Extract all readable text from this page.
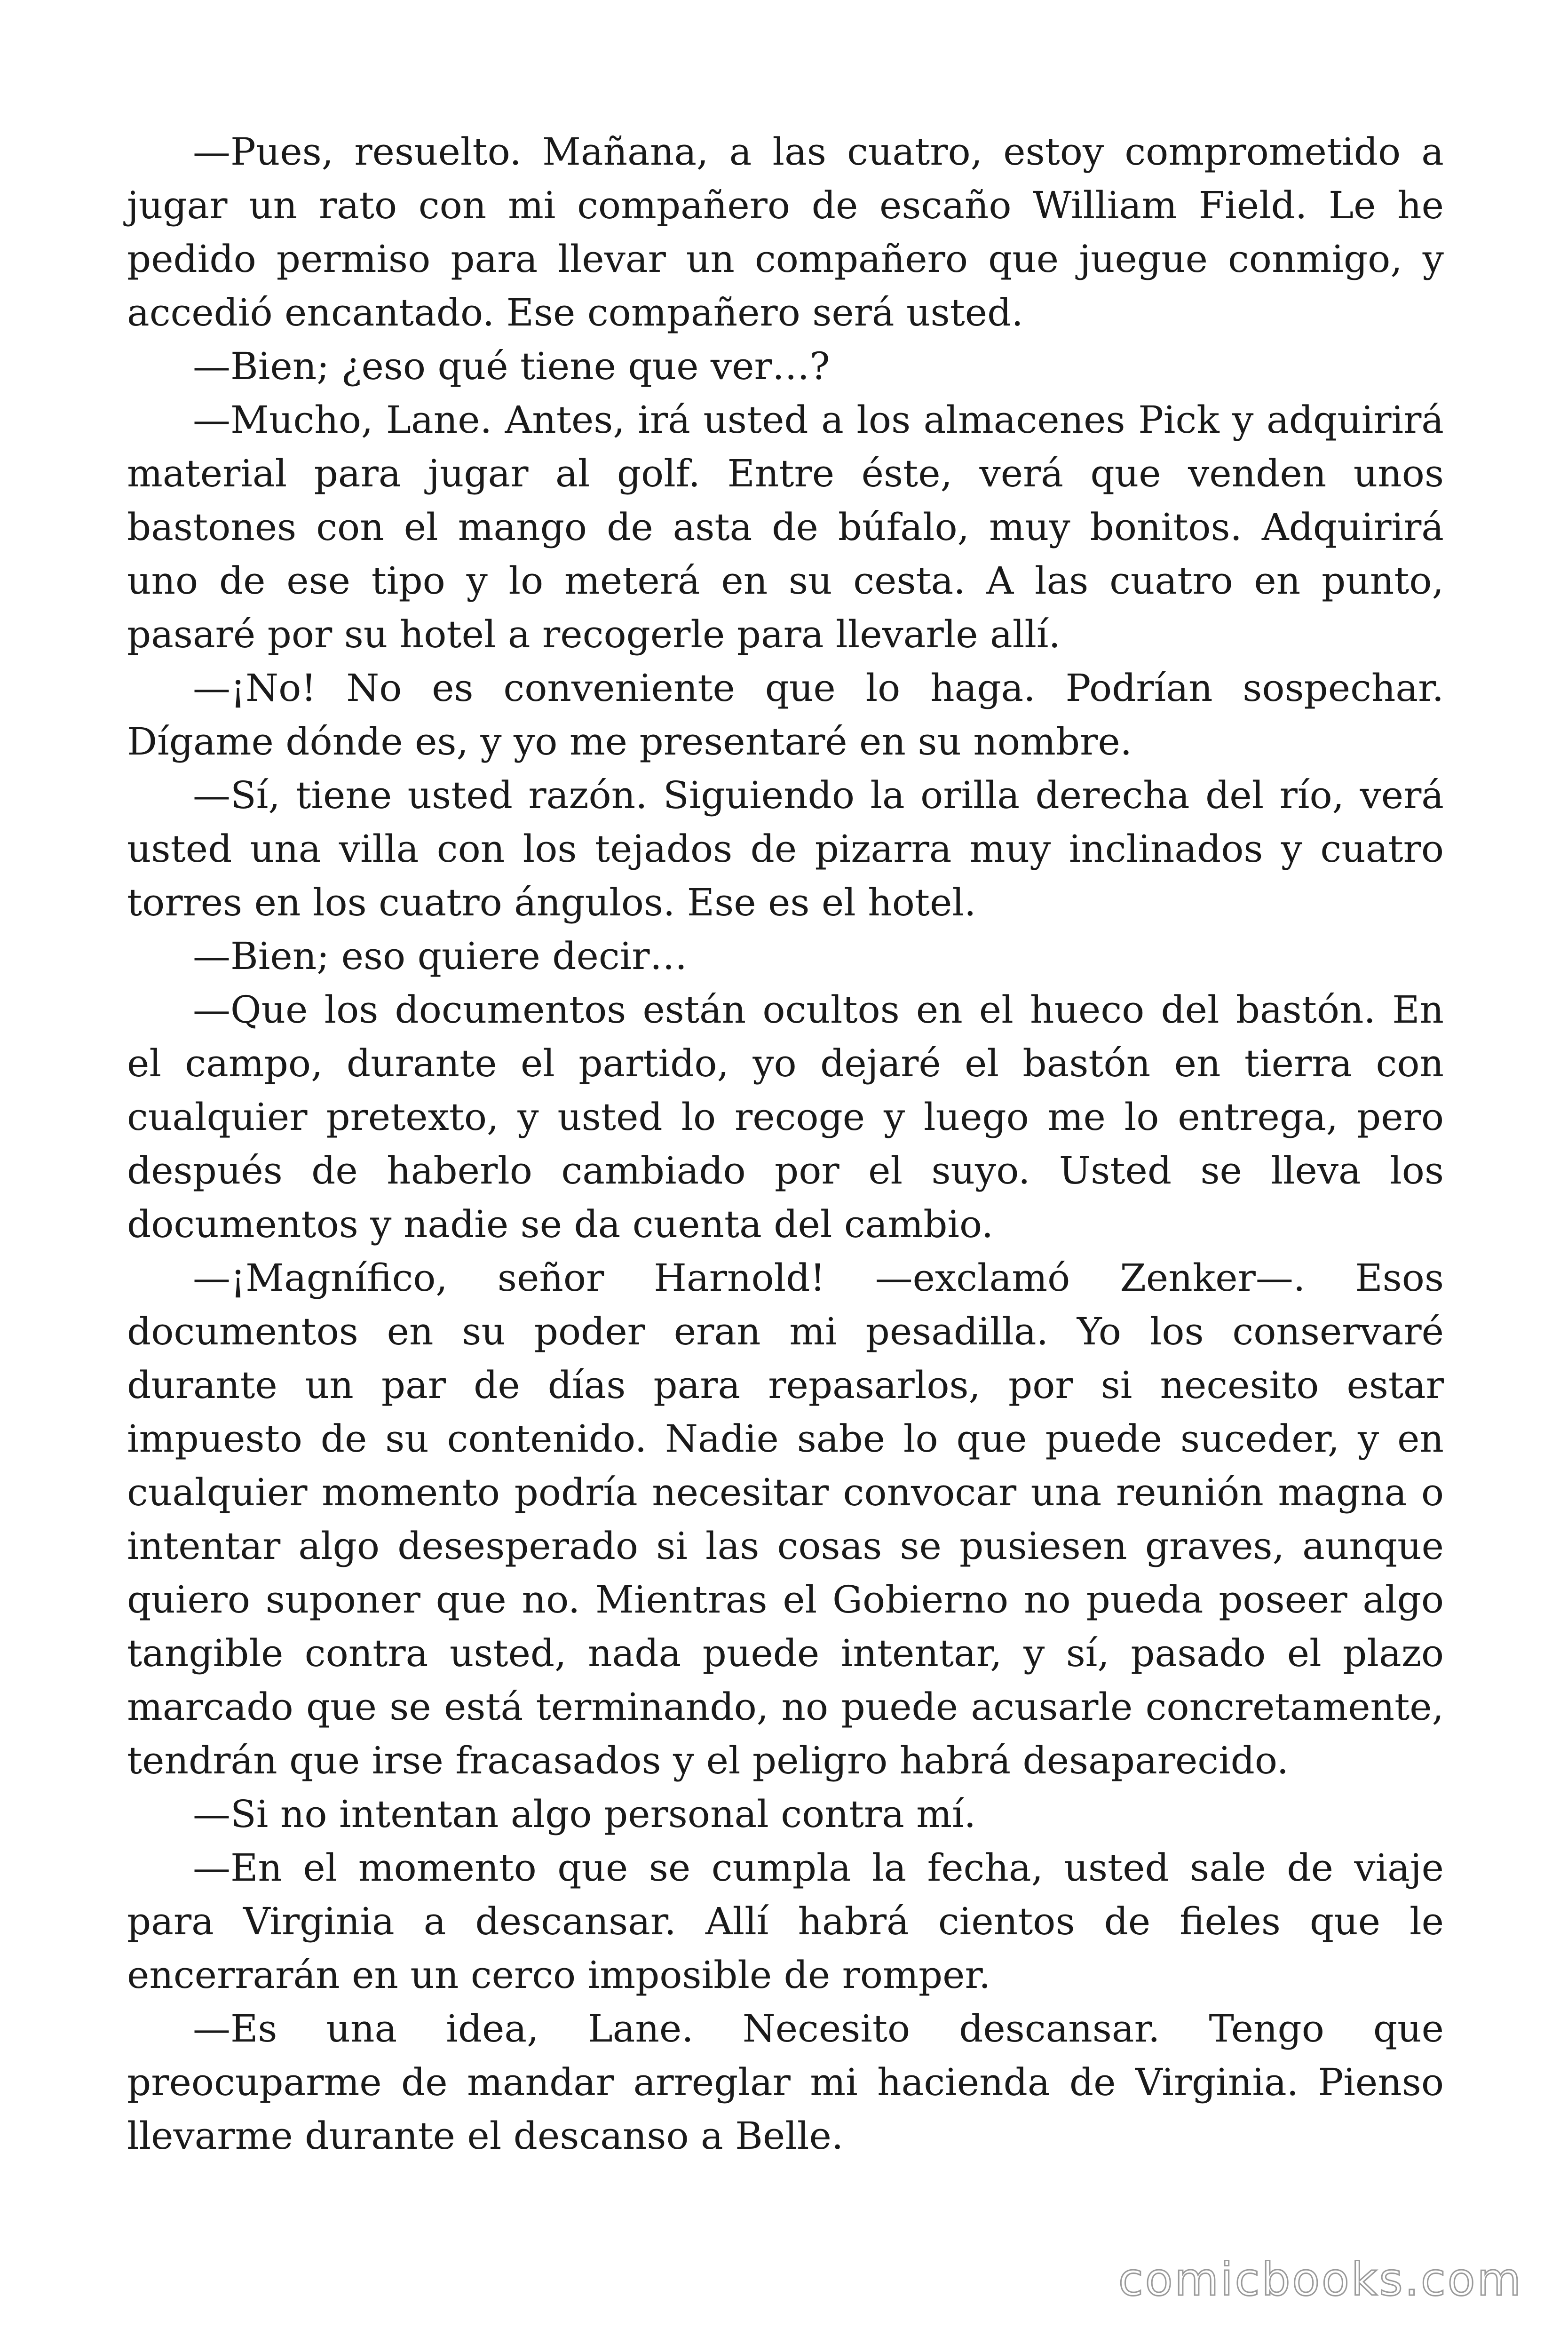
—Pues, resuelto. Mañana, a las cuatro, estoy comprometido a jugar un rato con mi compañero de escaño William Field. Le he pedido permiso para llevar un compañero que juegue conmigo, y accedió encantado. Ese compañero será usted.

—Bien; ¿eso qué tiene que ver…?

—Mucho, Lane. Antes, irá usted a los almacenes Pick y adquirirá material para jugar al golf. Entre éste, verá que venden unos bastones con el mango de asta de búfalo, muy bonitos. Adquirirá uno de ese tipo y lo meterá en su cesta. A las cuatro en punto, pasaré por su hotel a recogerle para llevarle allí.

—¡No! No es conveniente que lo haga. Podrían sospechar. Dígame dónde es, y yo me presentaré en su nombre.

—Sí, tiene usted razón. Siguiendo la orilla derecha del río, verá usted una villa con los tejados de pizarra muy inclinados y cuatro torres en los cuatro ángulos. Ese es el hotel.

—Bien; eso quiere decir…

—Que los documentos están ocultos en el hueco del bastón. En el campo, durante el partido, yo dejaré el bastón en tierra con cualquier pretexto, y usted lo recoge y luego me lo entrega, pero después de haberlo cambiado por el suyo. Usted se lleva los documentos y nadie se da cuenta del cambio.

—¡Magnífico, señor Harnold! —exclamó Zenker—. Esos documentos en su poder eran mi pesadilla. Yo los conservaré durante un par de días para repasarlos, por si necesito estar impuesto de su contenido. Nadie sabe lo que puede suceder, y en cualquier momento podría necesitar convocar una reunión magna o intentar algo desesperado si las cosas se pusiesen graves, aunque quiero suponer que no. Mientras el Gobierno no pueda poseer algo tangible contra usted, nada puede intentar, y sí, pasado el plazo marcado que se está terminando, no puede acusarle concretamente, tendrán que irse fracasados y el peligro habrá desaparecido.

—Si no intentan algo personal contra mí.

—En el momento que se cumpla la fecha, usted sale de viaje para Virginia a descansar. Allí habrá cientos de fieles que le encerrarán en un cerco imposible de romper.

—Es una idea, Lane. Necesito descansar. Tengo que preocuparme de mandar arreglar mi hacienda de Virginia. Pienso llevarme durante el descanso a Belle.

comicbooks.com
